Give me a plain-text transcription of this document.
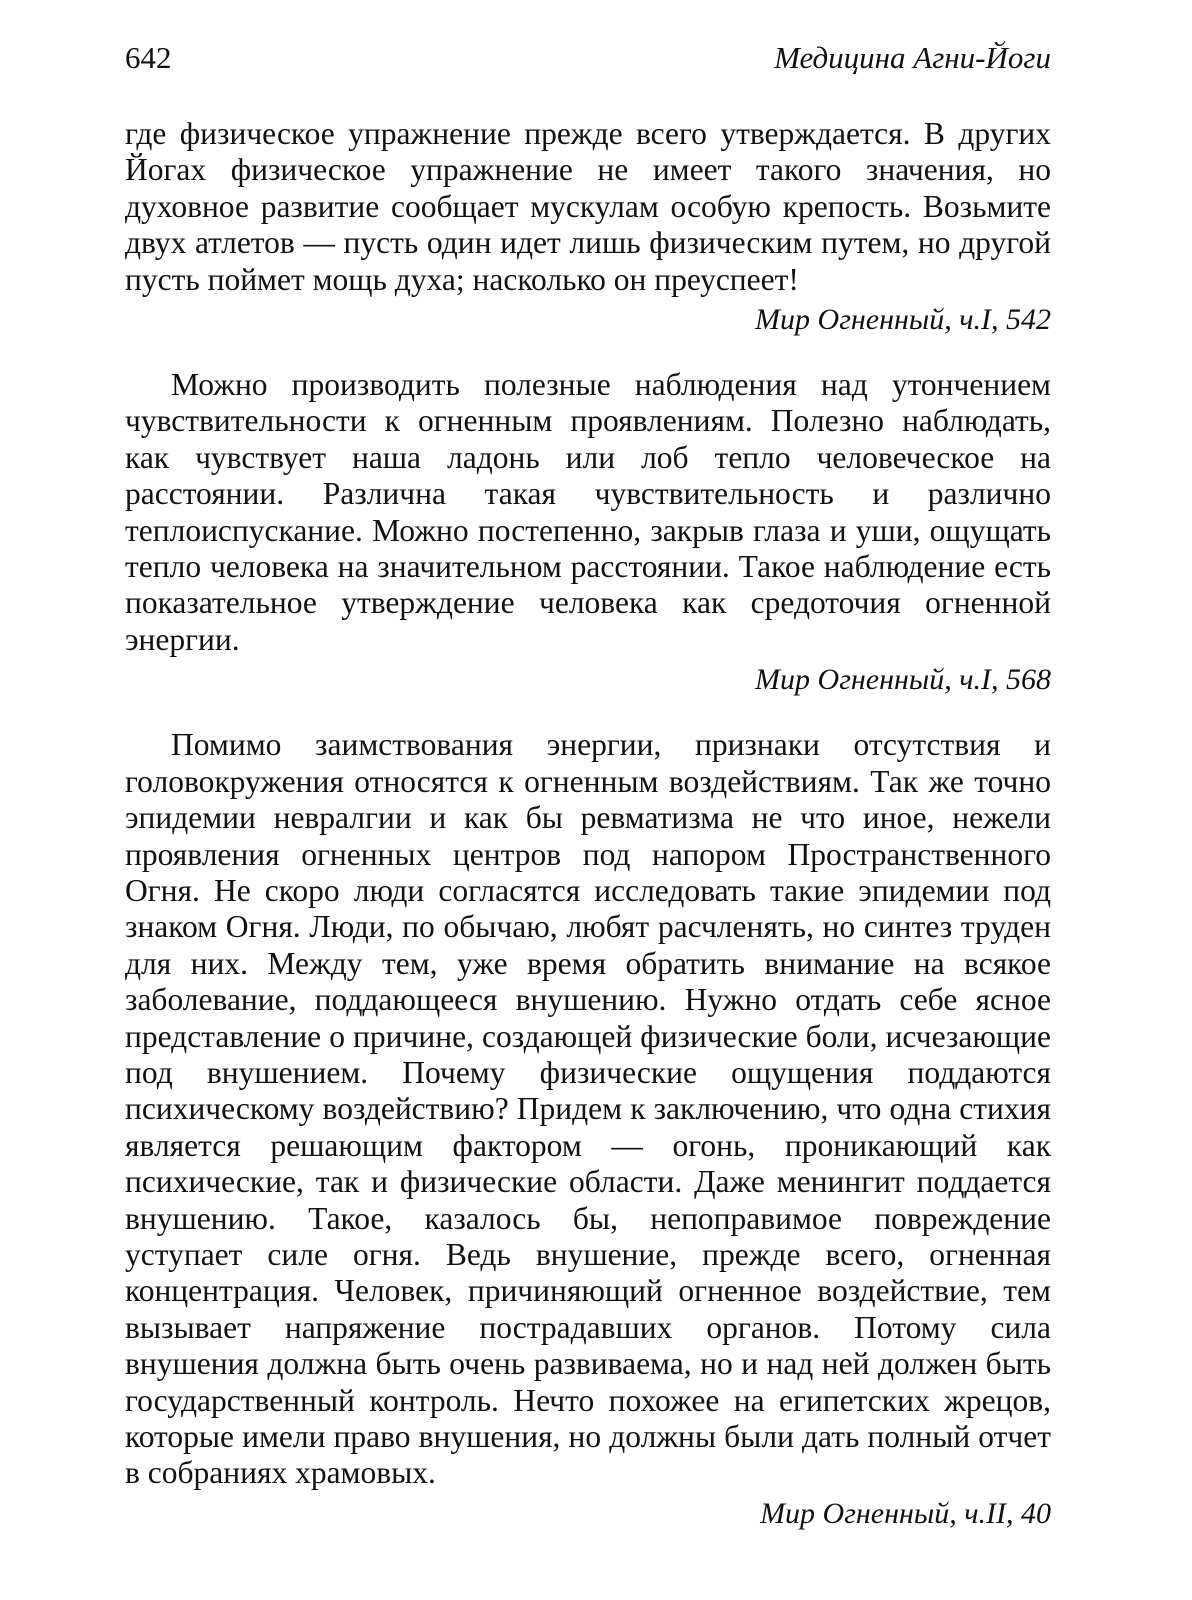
642	Медицина Агни-Йоги

где физическое упражнение прежде всего утверждается. В других Йогах физическое упражнение не имеет такого значения, но духовное развитие сообщает мускулам особую крепость. Возьмите двух атлетов — пусть один идет лишь физическим путем, но другой пусть поймет мощь духа; насколько он преуспеет!

Мир Огненный, ч.I, 542

Можно производить полезные наблюдения над утончением чувствительности к огненным проявлениям. Полезно наблюдать, как чувствует наша ладонь или лоб тепло человеческое на расстоянии. Различна такая чувствительность и различно теплоиспускание. Можно постепенно, закрыв глаза и уши, ощущать тепло человека на значительном расстоянии. Такое наблюдение есть показательное утверждение человека как средоточия огненной энергии.

Мир Огненный, ч.I, 568

Помимо заимствования энергии, признаки отсутствия и головокружения относятся к огненным воздействиям. Так же точно эпидемии невралгии и как бы ревматизма не что иное, нежели проявления огненных центров под напором Пространственного Огня. Не скоро люди согласятся исследовать такие эпидемии под знаком Огня. Люди, по обычаю, любят расчленять, но синтез труден для них. Между тем, уже время обратить внимание на всякое заболевание, поддающееся внушению. Нужно отдать себе ясное представление о причине, создающей физические боли, исчезающие под внушением. Почему физические ощущения поддаются психическому воздействию? Придем к заключению, что одна стихия является решающим фактором — огонь, проникающий как психические, так и физические области. Даже менингит поддается внушению. Такое, казалось бы, непоправимое повреждение уступает силе огня. Ведь внушение, прежде всего, огненная концентрация. Человек, причиняющий огненное воздействие, тем вызывает напряжение пострадавших органов. Потому сила внушения должна быть очень развиваема, но и над ней должен быть государственный контроль. Нечто похожее на египетских жрецов, которые имели право внушения, но должны были дать полный отчет в собраниях храмовых.

Мир Огненный, ч.II, 40
